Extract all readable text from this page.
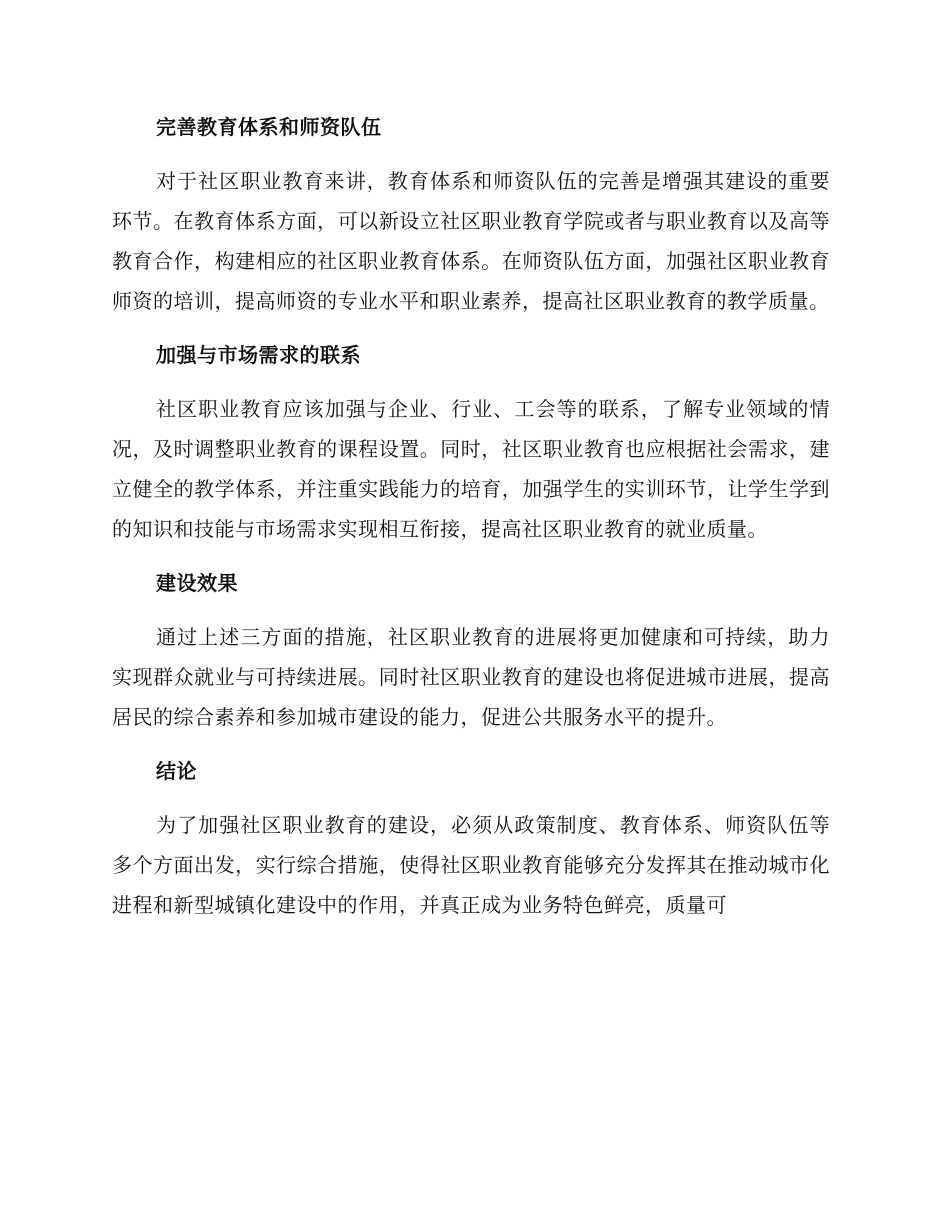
完善教育体系和师资队伍

对于社区职业教育来讲，教育体系和师资队伍的完善是增强其建设的重要环节。在教育体系方面，可以新设立社区职业教育学院或者与职业教育以及高等教育合作，构建相应的社区职业教育体系。在师资队伍方面，加强社区职业教育师资的培训，提高师资的专业水平和职业素养，提高社区职业教育的教学质量。

加强与市场需求的联系

社区职业教育应该加强与企业、行业、工会等的联系，了解专业领域的情况，及时调整职业教育的课程设置。同时，社区职业教育也应根据社会需求，建立健全的教学体系，并注重实践能力的培育，加强学生的实训环节，让学生学到的知识和技能与市场需求实现相互衔接，提高社区职业教育的就业质量。

建设效果

通过上述三方面的措施，社区职业教育的进展将更加健康和可持续，助力实现群众就业与可持续进展。同时社区职业教育的建设也将促进城市进展，提高居民的综合素养和参加城市建设的能力，促进公共服务水平的提升。

结论

为了加强社区职业教育的建设，必须从政策制度、教育体系、师资队伍等多个方面出发，实行综合措施，使得社区职业教育能够充分发挥其在推动城市化进程和新型城镇化建设中的作用，并真正成为业务特色鲜亮，质量可
